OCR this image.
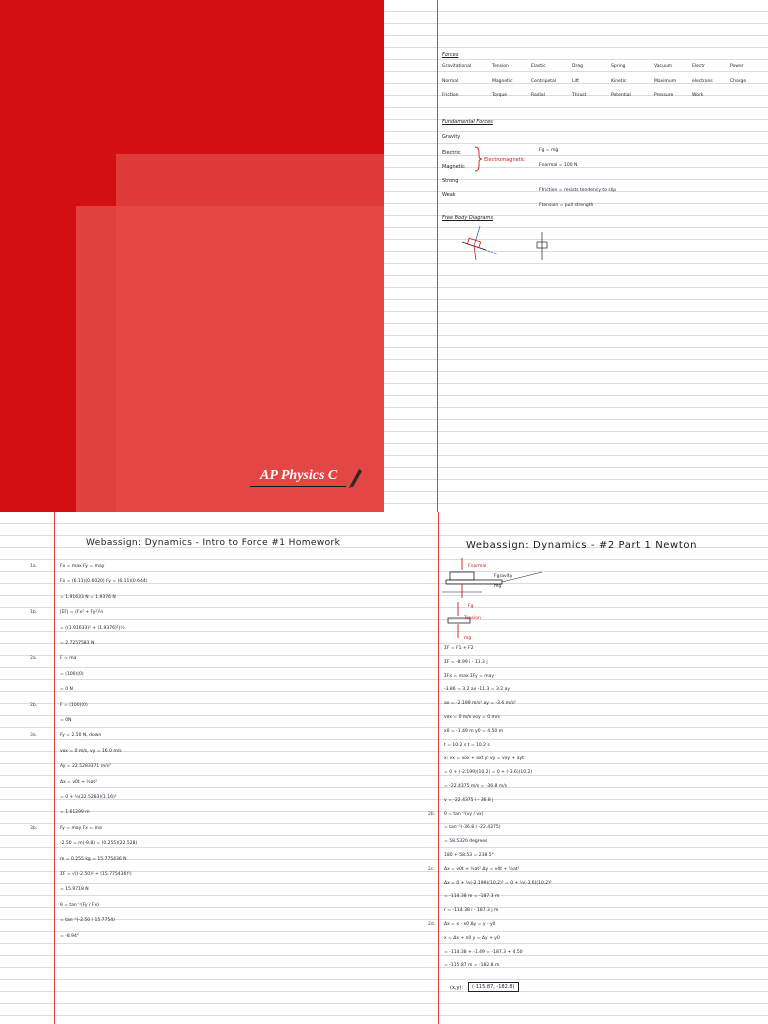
AP Physics C
Forces
Gravitational	Tension	Elastic	Drag	Spring	Vacuum	Electr	Power
Normal	Magnetic	Centripetal	Lift	Kinetic	Maximum	electrons	Charge
Friction	Torque	Radial	Thrust	Potential	Pressure	Work
Fundamental Forces
Gravity
Electric
Magnetic
Strong
Weak
Electromagnetic
Fg = mg
Fnormal = 100 N
Ffriction = resists tendency to slip
Ftension = pull strength
Free Body Diagrams
Webassign: Dynamics - Intro to Force #1 Homework
1a.	Fx = max Fy = may
Fx = (6.11)(0.6020) Fy = (6.11)(0.644)
= 1.91633 N = 1.9376 N
1b.	|ΣF| = (Fx² + Fy²)½
= ((1.91633)² + (1.9376)²)½
= 2.7257583 N
2a.	F = ma
= (100)(0)
= 0 N
2b.	F = (100)(0)
= 0N
3a.	Fy = 2.50 N, down
vox = 0 m/s, vy = 16.0 m/s
Ay = 22.5283371 m/s²
Δx = v0t + ½at²
= 0 + ½(22.5283)(1.16)²
= 1.61299 m
3b.	Fy = may Fx = ma
-2.50 = m(-9.8) = (0.255)(22.528)
m = 0.255 kg = 15.775436 N
ΣF = √((-2.50)² + (15.775436)²)
= 15.9718 N
θ = tan⁻¹(Fy / Fx)
= tan⁻¹(-2.50 / 15.7754)
= -8.94°
Webassign: Dynamics - #2 Part 1 Newton
Fnormal
Fgravity
mg
Fg
Tension
mg
ΣF = F1 + F2
ΣF = -8.99 i - 11.3 j
ΣFx = max ΣFy = may
-3.86 = 3.2 ax -11.3 = 3.2 ay
ax = -2.199 m/s² ay = -3.6 m/s²
vox = 0 m/s voy = 0 m/s
x0 = -1.49 m y0 = 4.50 m
t = 10.2 s t = 10.2 s
x: vx = vox + axt y: vy = voy + ayt
= 0 + (-2.199)(10.2) = 0 + (-3.6)(10.2)
= -22.4375 m/s = -36.8 m/s
v = -22.4375 i - 36.8 j
2b. θ = tan⁻¹(vy / vx)
= tan⁻¹(-36.8 / -22.4375)
= 58.5320 degrees
180 + 58.53 = 238.5°
2c. Δx = v0t + ½at² Δy = v0t + ½at²
Δx = 0 + ½(-2.199)(10.2)² = 0 + ½(-3.6)(10.2)²
= -114.38 m = -187.3 m
r = -114.38 i - 187.3 j m
2d. Δx = x - x0 Δy = y - y0
x = Δx + x0 y = Δy + y0
= -114.38 + -1.49 = -187.3 + 4.50
= -115.87 m = -182.8 m
(x,y):	(-115.87, -182.8)
